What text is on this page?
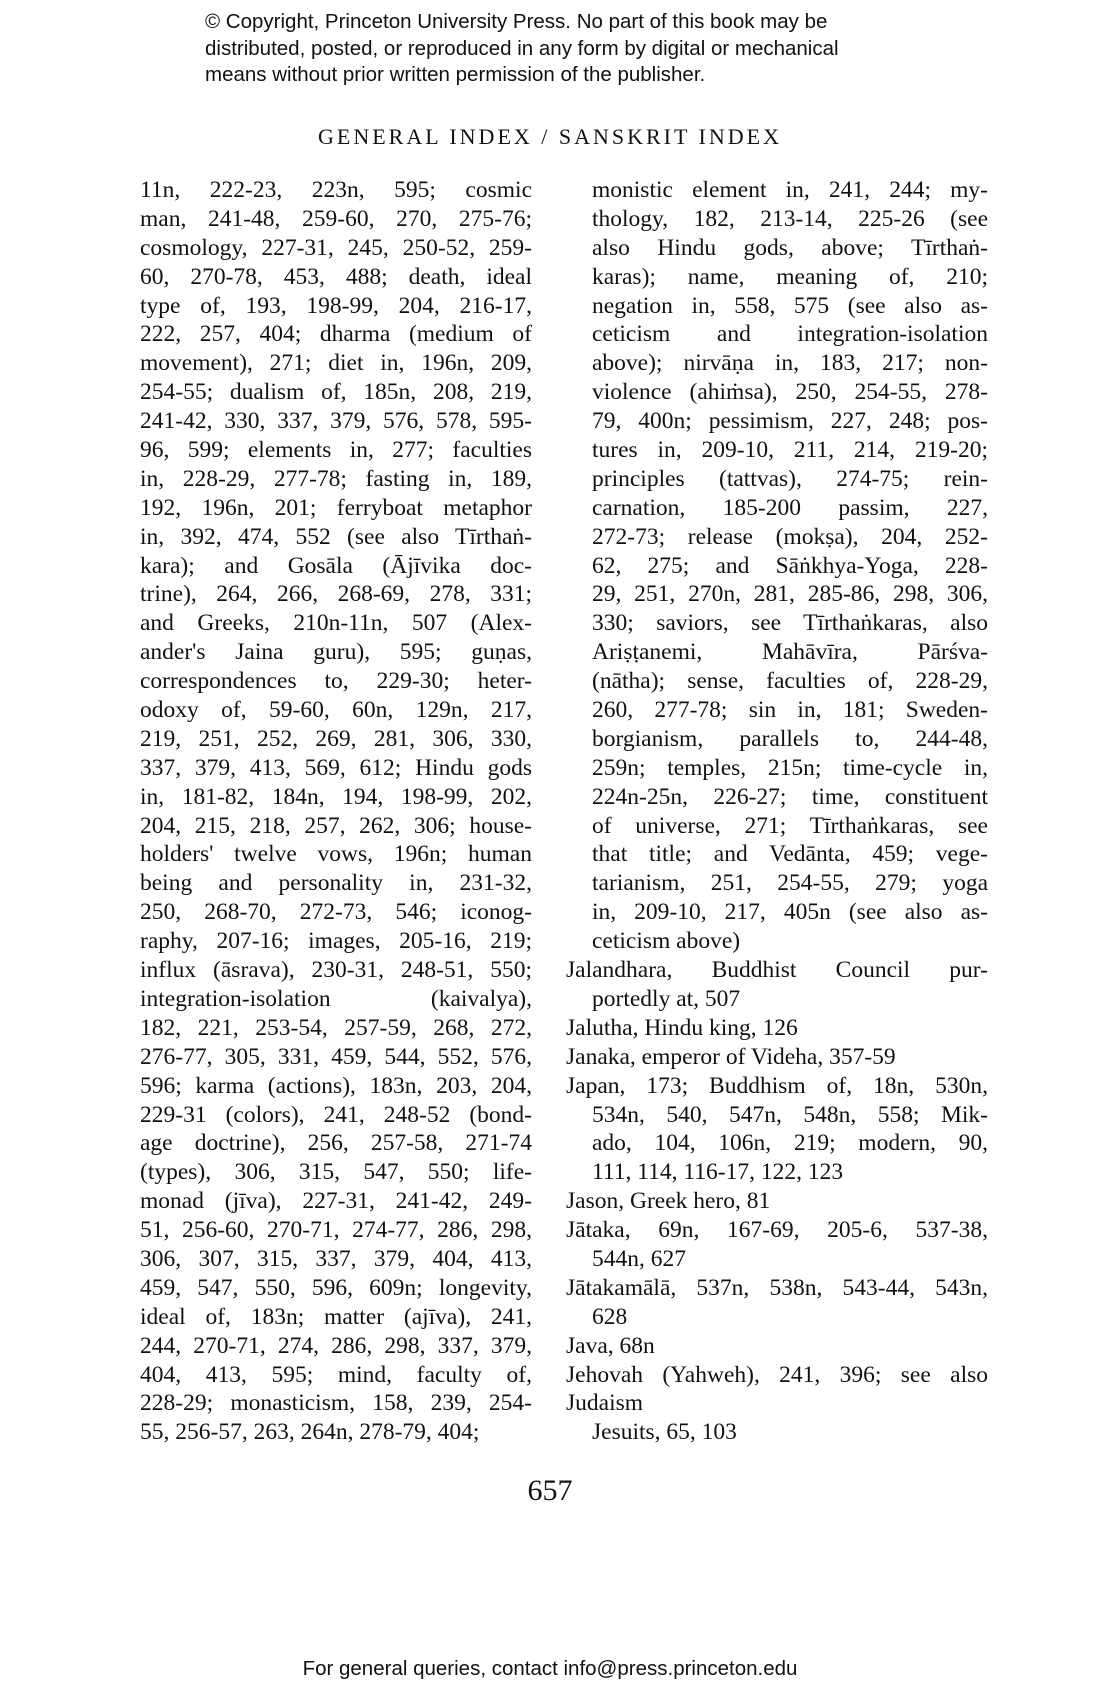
© Copyright, Princeton University Press. No part of this book may be
distributed, posted, or reproduced in any form by digital or mechanical
means without prior written permission of the publisher.
GENERAL INDEX / SANSKRIT INDEX
11n, 222-23, 223n, 595; cosmic
man, 241-48, 259-60, 270, 275-76;
cosmology, 227-31, 245, 250-52, 259-
60, 270-78, 453, 488; death, ideal
type of, 193, 198-99, 204, 216-17,
222, 257, 404; dharma (medium of
movement), 271; diet in, 196n, 209,
254-55; dualism of, 185n, 208, 219,
241-42, 330, 337, 379, 576, 578, 595-
96, 599; elements in, 277; faculties
in, 228-29, 277-78; fasting in, 189,
192, 196n, 201; ferryboat metaphor
in, 392, 474, 552 (see also Tīrthaṅ-
kara); and Gosāla (Ājīvika doc-
trine), 264, 266, 268-69, 278, 331;
and Greeks, 210n-11n, 507 (Alex-
ander's Jaina guru), 595; guṇas,
correspondences to, 229-30; heter-
odoxy of, 59-60, 60n, 129n, 217,
219, 251, 252, 269, 281, 306, 330,
337, 379, 413, 569, 612; Hindu gods
in, 181-82, 184n, 194, 198-99, 202,
204, 215, 218, 257, 262, 306; house-
holders' twelve vows, 196n; human
being and personality in, 231-32,
250, 268-70, 272-73, 546; iconog-
raphy, 207-16; images, 205-16, 219;
influx (āsrava), 230-31, 248-51, 550;
integration-isolation (kaivalya),
182, 221, 253-54, 257-59, 268, 272,
276-77, 305, 331, 459, 544, 552, 576,
596; karma (actions), 183n, 203, 204,
229-31 (colors), 241, 248-52 (bond-
age doctrine), 256, 257-58, 271-74
(types), 306, 315, 547, 550; life-
monad (jīva), 227-31, 241-42, 249-
51, 256-60, 270-71, 274-77, 286, 298,
306, 307, 315, 337, 379, 404, 413,
459, 547, 550, 596, 609n; longevity,
ideal of, 183n; matter (ajīva), 241,
244, 270-71, 274, 286, 298, 337, 379,
404, 413, 595; mind, faculty of,
228-29; monasticism, 158, 239, 254-
55, 256-57, 263, 264n, 278-79, 404;
monistic element in, 241, 244; my-
thology, 182, 213-14, 225-26 (see
also Hindu gods, above; Tīrthaṅ-
karas); name, meaning of, 210;
negation in, 558, 575 (see also as-
ceticism and integration-isolation
above); nirvāṇa in, 183, 217; non-
violence (ahiṁsa), 250, 254-55, 278-
79, 400n; pessimism, 227, 248; pos-
tures in, 209-10, 211, 214, 219-20;
principles (tattvas), 274-75; rein-
carnation, 185-200 passim, 227,
272-73; release (mokṣa), 204, 252-
62, 275; and Sāṅkhya-Yoga, 228-
29, 251, 270n, 281, 285-86, 298, 306,
330; saviors, see Tīrthaṅkaras, also
Ariṣṭanemi, Mahāvīra, Pārśva-
(nātha); sense, faculties of, 228-29,
260, 277-78; sin in, 181; Sweden-
borgianism, parallels to, 244-48,
259n; temples, 215n; time-cycle in,
224n-25n, 226-27; time, constituent
of universe, 271; Tīrthaṅkaras, see
that title; and Vedānta, 459; vege-
tarianism, 251, 254-55, 279; yoga
in, 209-10, 217, 405n (see also as-
ceticism above)
Jalandhara, Buddhist Council pur-
portedly at, 507
Jalutha, Hindu king, 126
Janaka, emperor of Videha, 357-59
Japan, 173; Buddhism of, 18n, 530n,
534n, 540, 547n, 548n, 558; Mik-
ado, 104, 106n, 219; modern, 90,
111, 114, 116-17, 122, 123
Jason, Greek hero, 81
Jātaka, 69n, 167-69, 205-6, 537-38,
544n, 627
Jātakamālā, 537n, 538n, 543-44, 543n,
628
Java, 68n
Jehovah (Yahweh), 241, 396; see also
Judaism
Jesuits, 65, 103
657
For general queries, contact info@press.princeton.edu
